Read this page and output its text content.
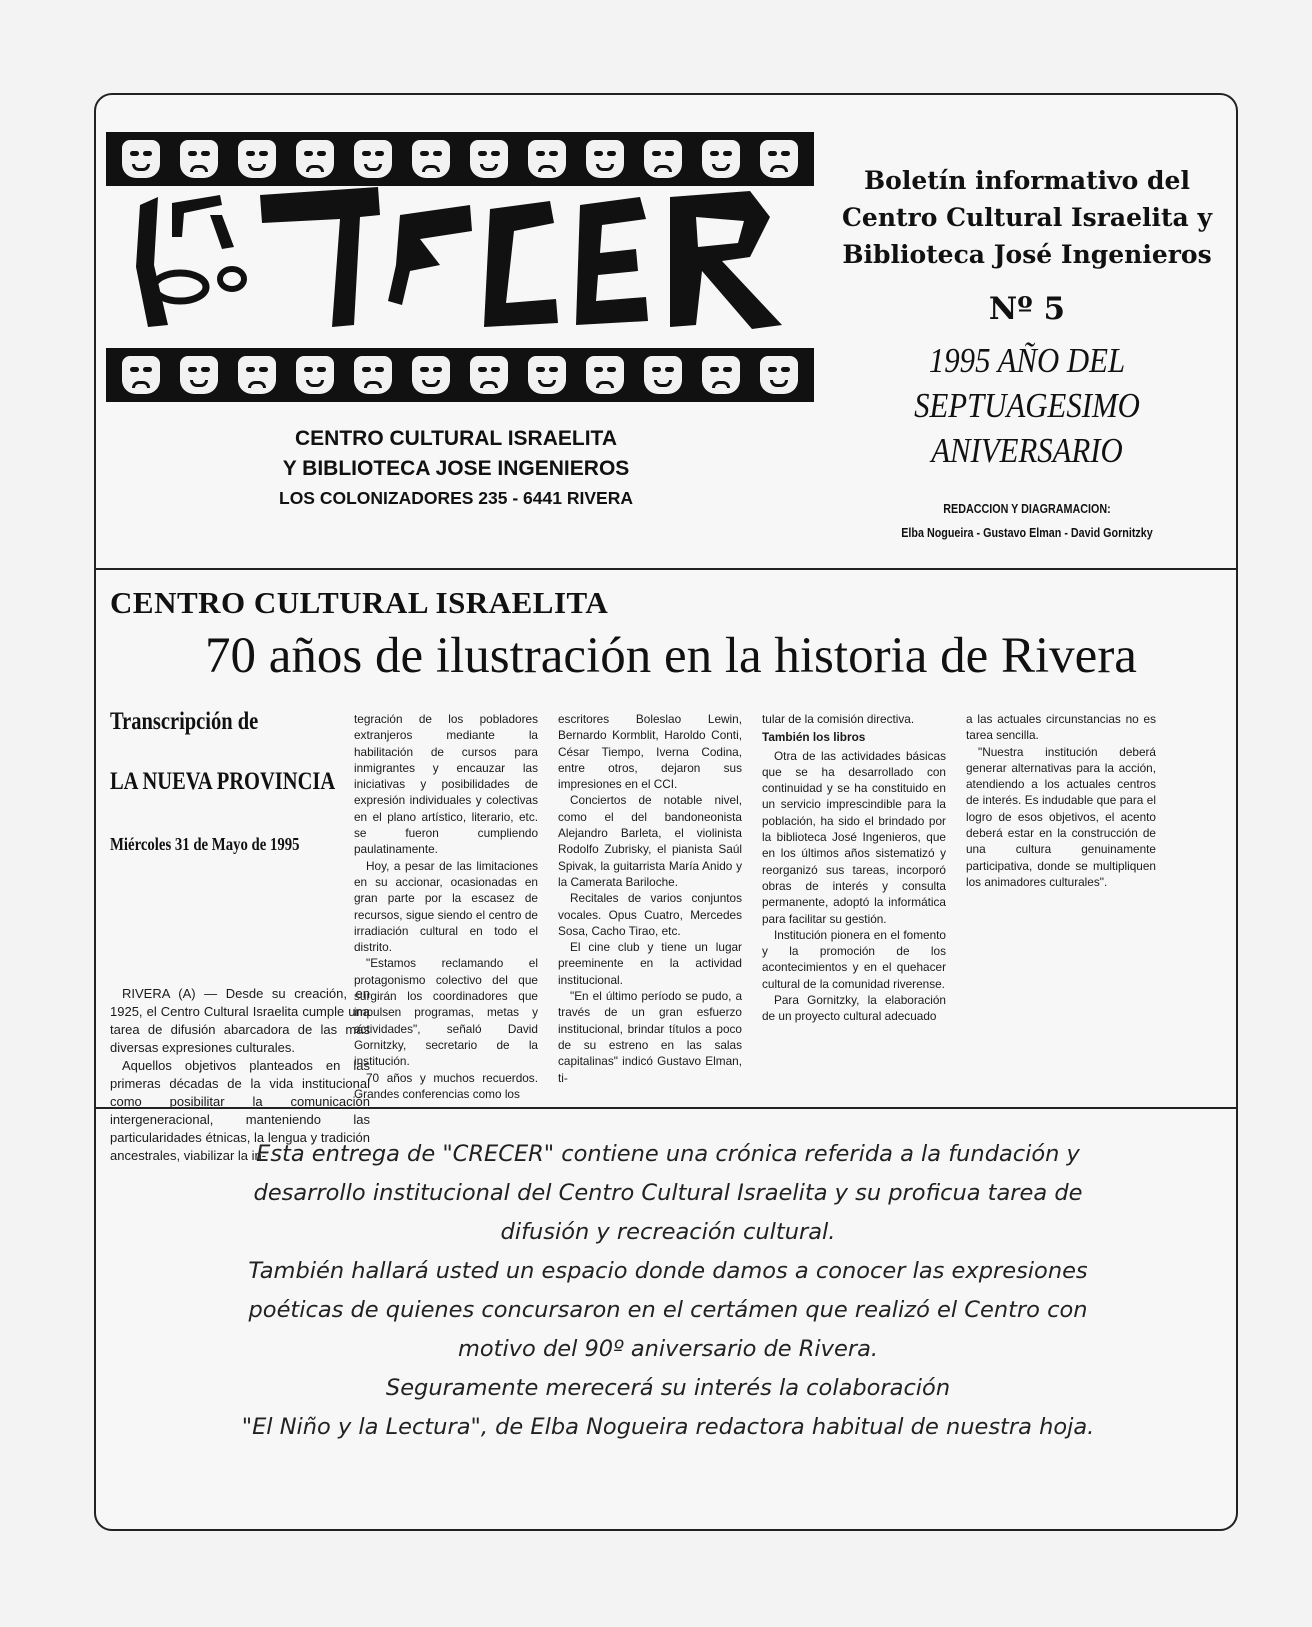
CENTRO CULTURAL ISRAELITA
Y BIBLIOTECA JOSE INGENIEROS
LOS COLONIZADORES 235 - 6441 RIVERA
Boletín informativo del
Centro Cultural Israelita y
Biblioteca José Ingenieros
Nº 5
1995 AÑO DEL
SEPTUAGESIMO
ANIVERSARIO
REDACCION Y DIAGRAMACION:
Elba Nogueira - Gustavo Elman - David Gornitzky
CENTRO CULTURAL ISRAELITA
70 años de ilustración en la historia de Rivera
Transcripción de
LA NUEVA PROVINCIA
Miércoles 31 de Mayo de 1995

RIVERA (A) — Desde su creación, en 1925, el Centro Cultural Israelita cumple una tarea de difusión abarcadora de las más diversas expresiones culturales.

Aquellos objetivos planteados en las primeras décadas de la vida institucional como posibilitar la comunicación intergeneracional, manteniendo las particularidades étnicas, la lengua y tradición ancestrales, viabilizar la in-

tegración de los pobladores extranjeros mediante la habilitación de cursos para inmigrantes y encauzar las iniciativas y posibilidades de expresión individuales y colectivas en el plano artístico, literario, etc. se fueron cumpliendo paulatinamente.

Hoy, a pesar de las limitaciones en su accionar, ocasionadas en gran parte por la escasez de recursos, sigue siendo el centro de irradiación cultural en todo el distrito.

"Estamos reclamando el protagonismo colectivo del que surgirán los coordinadores que impulsen programas, metas y actividades", señaló David Gornitzky, secretario de la institución.

70 años y muchos recuerdos. Grandes conferencias como los

escritores Boleslao Lewin, Bernardo Kormblit, Haroldo Conti, César Tiempo, Iverna Codina, entre otros, dejaron sus impresiones en el CCI.

Conciertos de notable nivel, como el del bandoneonista Alejandro Barleta, el violinista Rodolfo Zubrisky, el pianista Saúl Spivak, la guitarrista María Anido y la Camerata Bariloche.

Recitales de varios conjuntos vocales. Opus Cuatro, Mercedes Sosa, Cacho Tirao, etc.

El cine club y tiene un lugar preeminente en la actividad institucional.

"En el último período se pudo, a través de un gran esfuerzo institucional, brindar títulos a poco de su estreno en las salas capitalinas" indicó Gustavo Elman, ti-

tular de la comisión directiva.

También los libros

Otra de las actividades básicas que se ha desarrollado con continuidad y se ha constituido en un servicio imprescindible para la población, ha sido el brindado por la biblioteca José Ingenieros, que en los últimos años sistematizó y reorganizó sus tareas, incorporó obras de interés y consulta permanente, adoptó la informática para facilitar su gestión.

Institución pionera en el fomento y la promoción de los acontecimientos y en el quehacer cultural de la comunidad riverense.

Para Gornitzky, la elaboración de un proyecto cultural adecuado

a las actuales circunstancias no es tarea sencilla.

"Nuestra institución deberá generar alternativas para la acción, atendiendo a los actuales centros de interés. Es indudable que para el logro de esos objetivos, el acento deberá estar en la construcción de una cultura genuinamente participativa, donde se multipliquen los animadores culturales".

Esta entrega de "CRECER" contiene una crónica referida a la fundación y
desarrollo institucional del Centro Cultural Israelita y su proficua tarea de
difusión y recreación cultural.
También hallará usted un espacio donde damos a conocer las expresiones
poéticas de quienes concursaron en el certámen que realizó el Centro con
motivo del 90º aniversario de Rivera.
Seguramente merecerá su interés la colaboración
"El Niño y la Lectura", de Elba Nogueira redactora habitual de nuestra hoja.
